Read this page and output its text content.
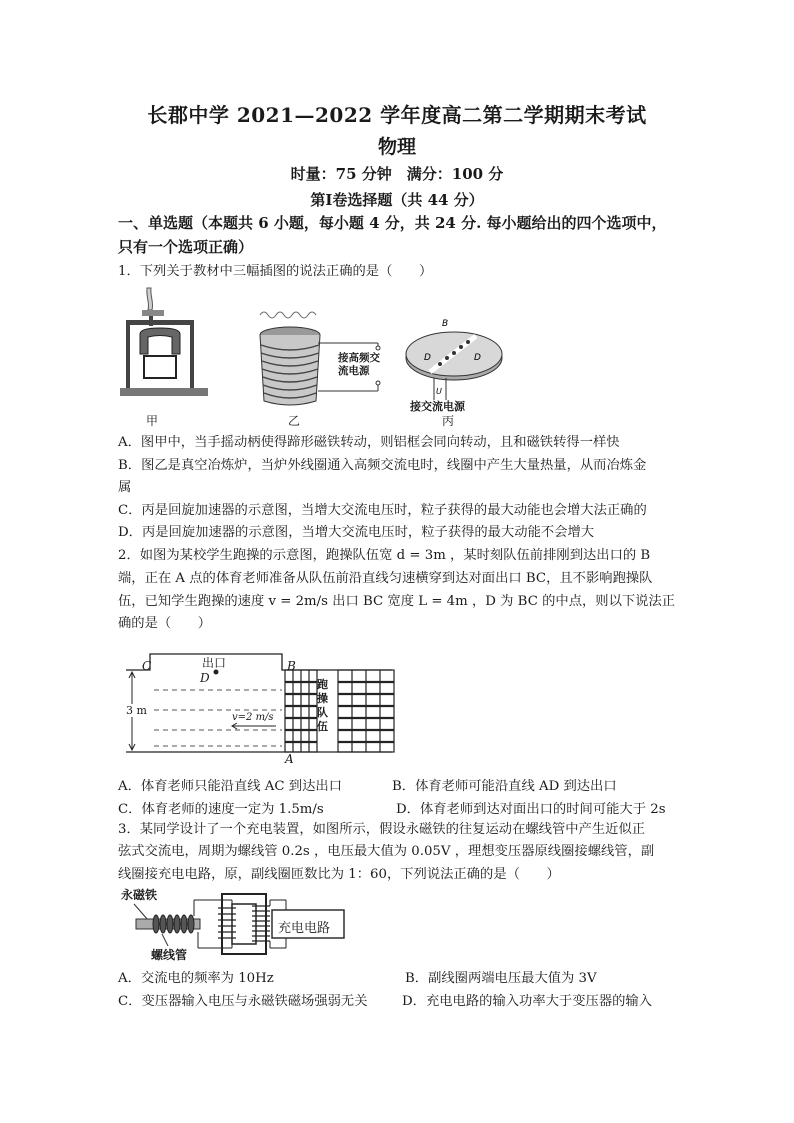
长郡中学 2021—2022 学年度高二第二学期期末考试
物理
时量：75 分钟　满分：100 分
第Ⅰ卷选择题（共 44 分）
一、单选题（本题共 6 小题，每小题 4 分，共 24 分. 每小题给出的四个选项中，
只有一个选项正确）
1．下列关于教材中三幅插图的说法正确的是（　　）
甲
接高频交
流电源
乙
B
D	D
U
接交流电源
丙
A．图甲中，当手摇动柄使得蹄形磁铁转动，则铝框会同向转动，且和磁铁转得一样快
B．图乙是真空冶炼炉，当炉外线圈通入高频交流电时，线圈中产生大量热量，从而冶炼金
属
C．丙是回旋加速器的示意图，当增大交流电压时，粒子获得的最大动能也会增大法正确的
D．丙是回旋加速器的示意图，当增大交流电压时，粒子获得的最大动能不会增大
2．如图为某校学生跑操的示意图，跑操队伍宽 d = 3m ，某时刻队伍前排刚到达出口的 B
端，正在 A 点的体育老师准备从队伍前沿直线匀速横穿到达对面出口 BC，且不影响跑操队
伍，已知学生跑操的速度 v = 2m/s 出口 BC 宽度 L = 4m ，D 为 BC 的中点，则以下说法正
确的是（　　）
出口
C
D
B
A
3 m
v=2 m/s
跑操队伍
A．体育老师只能沿直线 AC 到达出口	B．体育老师可能沿直线 AD 到达出口
C．体育老师的速度一定为 1.5m/s	D．体育老师到达对面出口的时间可能大于 2s
3．某同学设计了一个充电装置，如图所示，假设永磁铁的往复运动在螺线管中产生近似正
弦式交流电，周期为螺线管 0.2s ，电压最大值为 0.05V ，理想变压器原线圈接螺线管，副
线圈接充电电路，原，副线圈匝数比为 1：60，下列说法正确的是（　　）
永磁铁
螺线管
充电电路
A．交流电的频率为 10Hz	B．副线圈两端电压最大值为 3V
C．变压器输入电压与永磁铁磁场强弱无关	D．充电电路的输入功率大于变压器的输入
